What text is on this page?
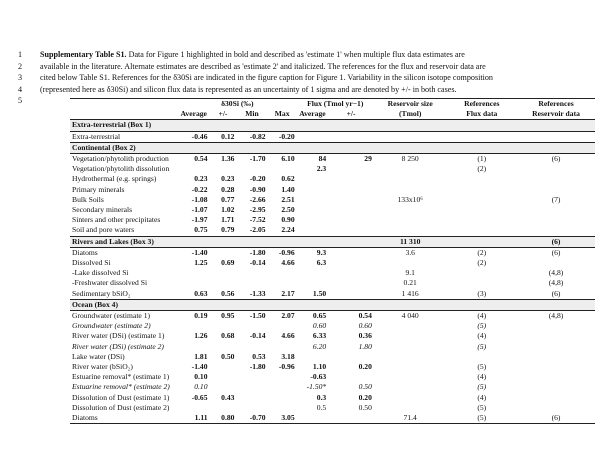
1	Supplementary Table S1. Data for Figure 1 highlighted in bold and described as 'estimate 1' when multiple flux data estimates are
2	available in the literature. Alternate estimates are described as 'estimate 2' and italicized. The references for the flux and reservoir data are
3	cited below Table S1. References for the δ30Si are indicated in the figure caption for Figure 1. Variability in the silicon isotope composition
4	(represented here as δ30Si) and silicon flux data is represented as an uncertainty of 1 sigma and are denoted by +/- in both cases.
5
		δ30Si (‰)				Flux (Tmol yr−1)		Reservoir size	References	References
	Average	+/-	Min	Max	Average	+/-	(Tmol)	Flux data	Reservoir data
Extra-terrestrial (Box 1)									
Extra-terrestrial	-0.46	0.12	-0.82	-0.20					
Continental (Box 2)									
Vegetation/phytolith production	0.54	1.36	-1.70	6.10	84	29	8 250	(1)	(6)
Vegetation/phytolith dissolution					2.3			(2)	
Hydrothermal (e.g. springs)	0.23	0.23	-0.20	0.62					
Primary minerals	-0.22	0.28	-0.90	1.40					
Bulk Soils	-1.08	0.77	-2.66	2.51			133x10⁶		(7)
Secondary minerals	-1.07	1.02	-2.95	2.50					
Sinters and other precipitates	-1.97	1.71	-7.52	0.90					
Soil and pore waters	0.75	0.79	-2.05	2.24					
Rivers and Lakes (Box 3)							11 310		(6)
Diatoms	-1.40		-1.80	-0.96	9.3		3.6	(2)	(6)
Dissolved Si	1.25	0.69	-0.14	4.66	6.3			(2)	
-Lake dissolved Si							9.1		(4,8)
-Freshwater dissolved Si							0.21		(4,8)
Sedimentary bSiO₂	0.63	0.56	-1.33	2.17	1.50		1 416	(3)	(6)
Ocean (Box 4)									
Groundwater (estimate 1)	0.19	0.95	-1.50	2.07	0.65	0.54	4 040	(4)	(4,8)
Groundwater (estimate 2)					0.60	0.60		(5)	
River water (DSi) (estimate 1)	1.26	0.68	-0.14	4.66	6.33	0.36		(4)	
River water (DSi) (estimate 2)					6.20	1.80		(5)	
Lake water (DSi)	1.81	0.50	0.53	3.18					
River water (bSiO₂)	-1.40		-1.80	-0.96	1.10	0.20		(5)	
Estuarine removal* (estimate 1)	0.10				-0.63			(4)	
Estuarine removal* (estimate 2)	0.10				-1.50*	0.50		(5)	
Dissolution of Dust (estimate 1)	-0.65	0.43			0.3	0.20		(4)	
Dissolution of Dust (estimate 2)					0.5	0.50		(5)	
Diatoms	1.11	0.80	-0.70	3.05			71.4	(5)	(6)
